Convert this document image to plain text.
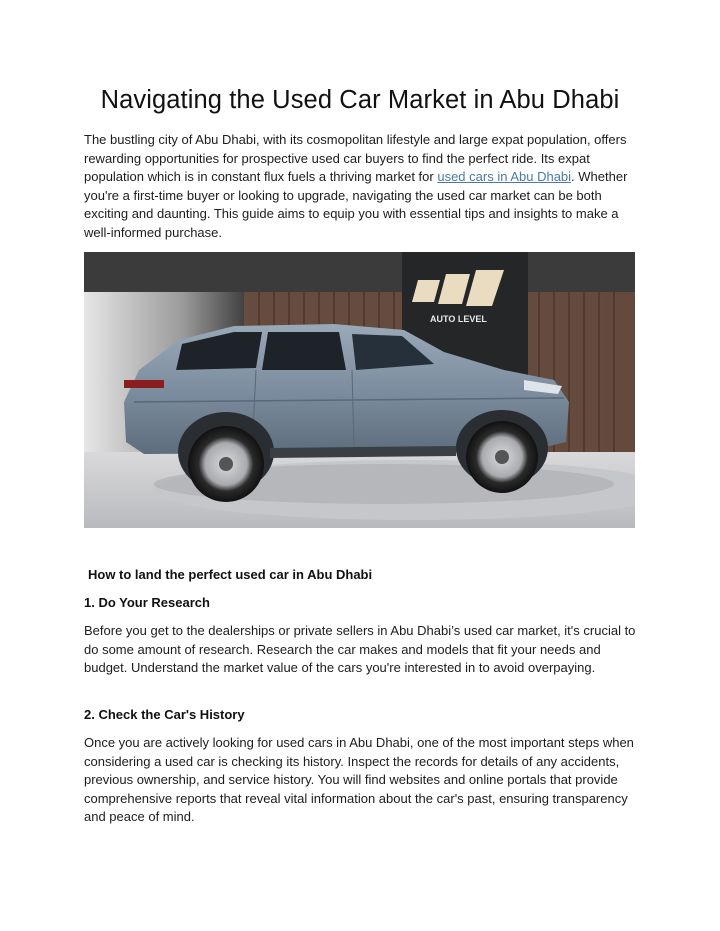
Navigating the Used Car Market in Abu Dhabi

The bustling city of Abu Dhabi, with its cosmopolitan lifestyle and large expat population, offers rewarding opportunities for prospective used car buyers to find the perfect ride. Its expat population which is in constant flux fuels a thriving market for used cars in Abu Dhabi. Whether you're a first-time buyer or looking to upgrade, navigating the used car market can be both exciting and daunting. This guide aims to equip you with essential tips and insights to make a well-informed purchase.

AUTO LEVEL
How to land the perfect used car in Abu Dhabi
1. Do Your Research

Before you get to the dealerships or private sellers in Abu Dhabi’s used car market, it's crucial to do some amount of research. Research the car makes and models that fit your needs and budget. Understand the market value of the cars you're interested in to avoid overpaying.

2. Check the Car's History

Once you are actively looking for used cars in Abu Dhabi, one of the most important steps when considering a used car is checking its history. Inspect the records for details of any accidents, previous ownership, and service history. You will find websites and online portals that provide comprehensive reports that reveal vital information about the car's past, ensuring transparency and peace of mind.
